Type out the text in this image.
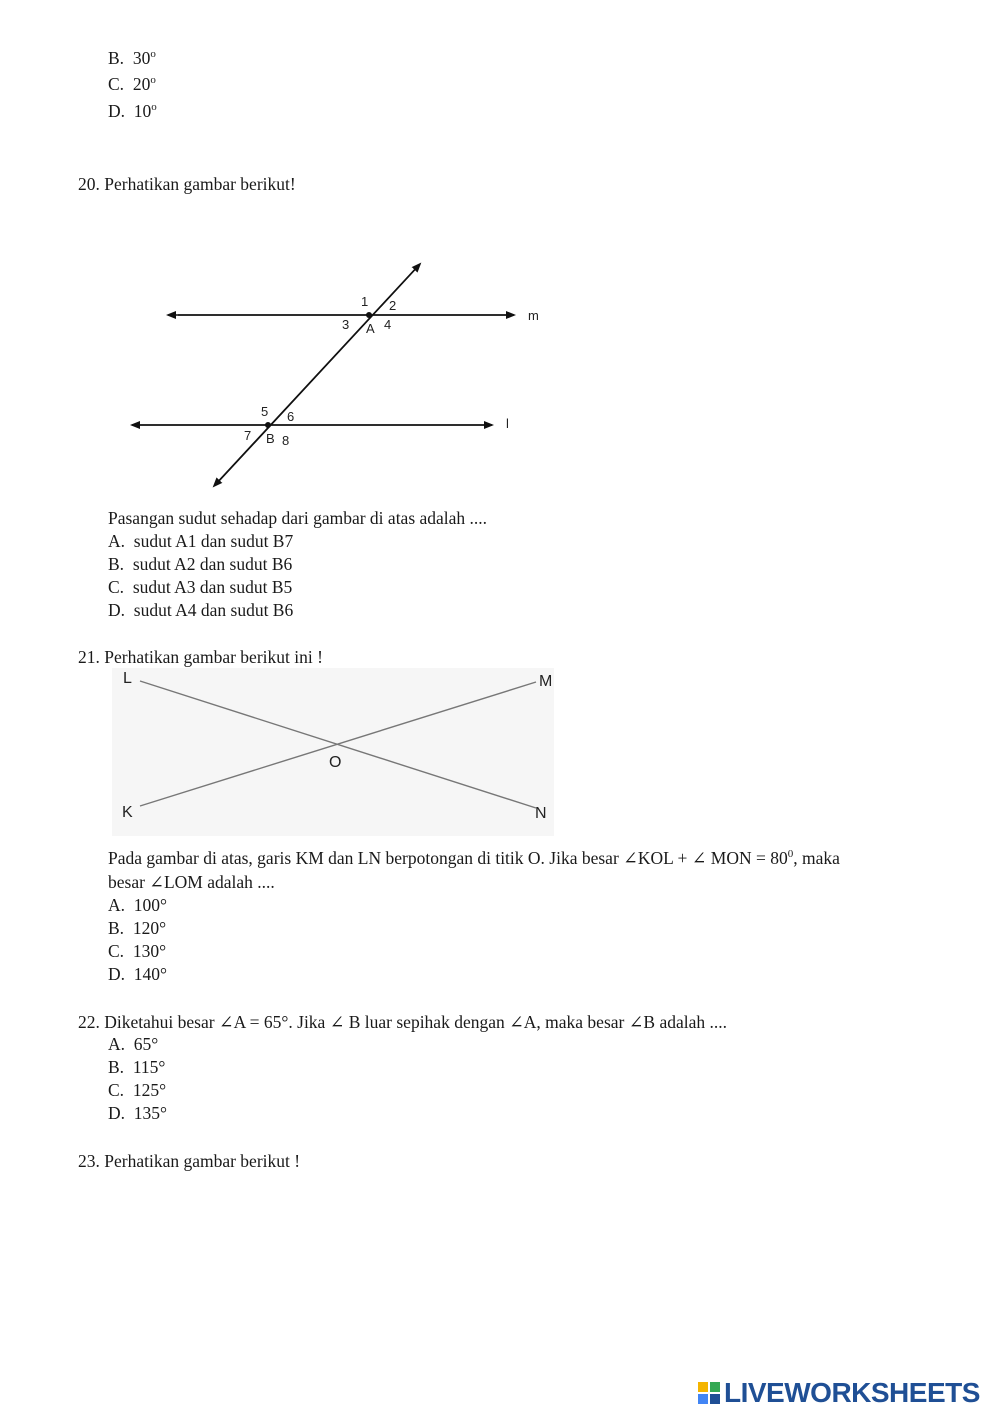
B. 30$^o$
C. 20$^o$
D. 10$^o$
20. Perhatikan gambar berikut!
m
l
1 2
3 A 4
5 6
7 B 8
L	M
K	N
O
Pasangan sudut sehadap dari gambar di atas adalah ....
A. sudut A1 dan sudut B7
B. sudut A2 dan sudut B6
C. sudut A3 dan sudut B5
D. sudut A4 dan sudut B6
21. Perhatikan gambar berikut ini !
Pada gambar di atas, garis KM dan LN berpotongan di titik O. Jika besar ∠KOL + ∠ MON = $80^0$, maka
besar ∠LOM adalah ....
A.  100°
B. 120°
C. 130°
D. 140°
22. Diketahui besar ∠A = 65°. Jika ∠ B luar sepihak dengan ∠A, maka besar ∠B adalah ....
A. 65°
B. 115°
C. 125°
D. 135°
23. Perhatikan gambar berikut !
LIVEWORKSHEETS
